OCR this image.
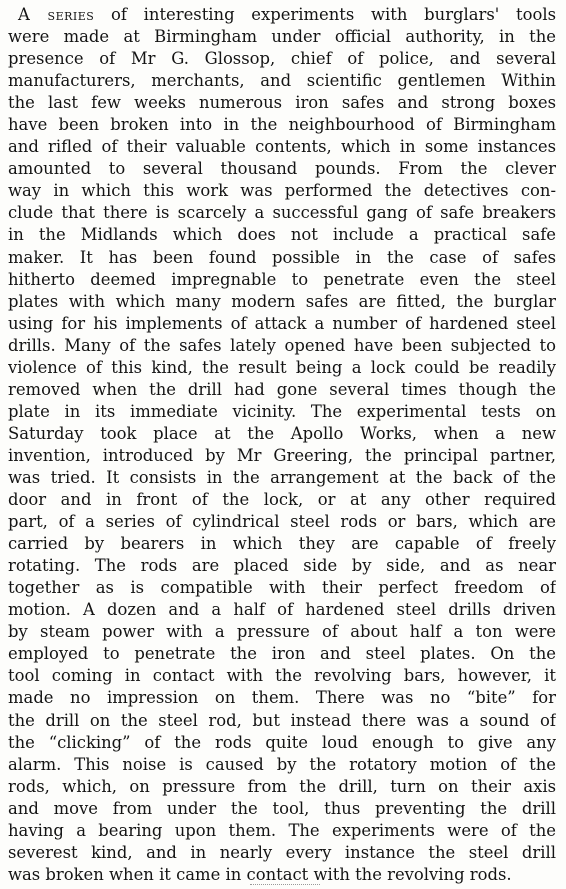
A series of interesting experiments with burglars' tools
were made at Birmingham under official authority, in the
presence of Mr G. Glossop, chief of police, and several
manufacturers, merchants, and scientific gentlemen Within
the last few weeks numerous iron safes and strong boxes
have been broken into in the neighbourhood of Birmingham
and rifled of their valuable contents, which in some instances
amounted to several thousand pounds. From the clever
way in which this work was performed the detectives con-
clude that there is scarcely a successful gang of safe breakers
in the Midlands which does not include a practical safe
maker. It has been found possible in the case of safes
hitherto deemed impregnable to penetrate even the steel
plates with which many modern safes are fitted, the burglar
using for his implements of attack a number of hardened steel
drills. Many of the safes lately opened have been subjected to
violence of this kind, the result being a lock could be readily
removed when the drill had gone several times though the
plate in its immediate vicinity. The experimental tests on
Saturday took place at the Apollo Works, when a new
invention, introduced by Mr Greering, the principal partner,
was tried. It consists in the arrangement at the back of the
door and in front of the lock, or at any other required
part, of a series of cylindrical steel rods or bars, which are
carried by bearers in which they are capable of freely
rotating. The rods are placed side by side, and as near
together as is compatible with their perfect freedom of
motion. A dozen and a half of hardened steel drills driven
by steam power with a pressure of about half a ton were
employed to penetrate the iron and steel plates. On the
tool coming in contact with the revolving bars, however, it
made no impression on them. There was no “bite” for
the drill on the steel rod, but instead there was a sound of
the “clicking” of the rods quite loud enough to give any
alarm. This noise is caused by the rotatory motion of the
rods, which, on pressure from the drill, turn on their axis
and move from under the tool, thus preventing the drill
having a bearing upon them. The experiments were of the
severest kind, and in nearly every instance the steel drill
was broken when it came in contact with the revolving rods.
